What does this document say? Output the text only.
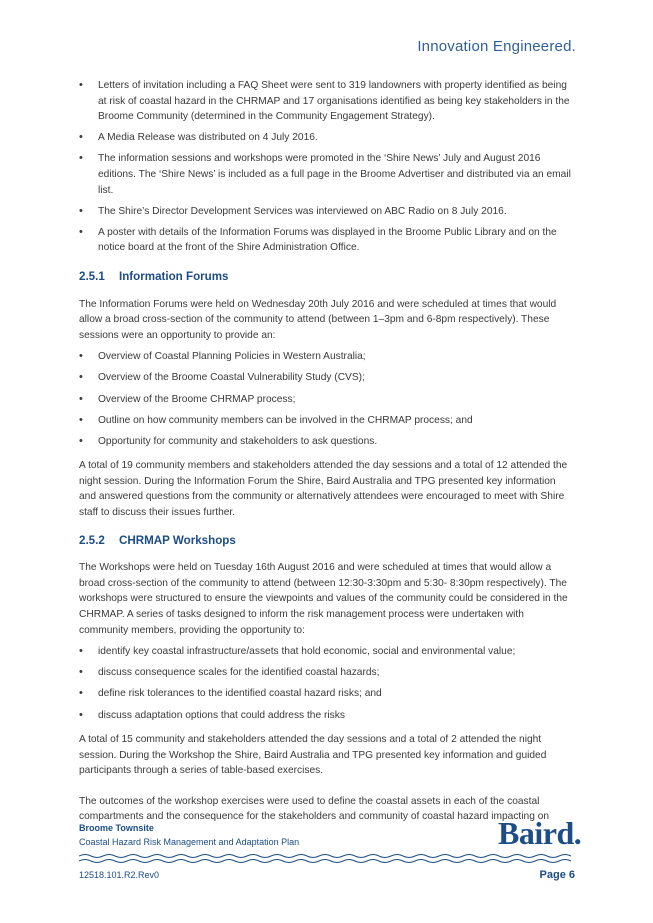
Innovation Engineered.
• Letters of invitation including a FAQ Sheet were sent to 319 landowners with property identified as being at risk of coastal hazard in the CHRMAP and 17 organisations identified as being key stakeholders in the Broome Community (determined in the Community Engagement Strategy).
• A Media Release was distributed on 4 July 2016.
• The information sessions and workshops were promoted in the ‘Shire News’ July and August 2016 editions. The ‘Shire News’ is included as a full page in the Broome Advertiser and distributed via an email list.
• The Shire’s Director Development Services was interviewed on ABC Radio on 8 July 2016.
• A poster with details of the Information Forums was displayed in the Broome Public Library and on the notice board at the front of the Shire Administration Office.
2.5.1	Information Forums

The Information Forums were held on Wednesday 20th July 2016 and were scheduled at times that would allow a broad cross-section of the community to attend (between 1–3pm and 6-8pm respectively). These sessions were an opportunity to provide an:

• Overview of Coastal Planning Policies in Western Australia;
• Overview of the Broome Coastal Vulnerability Study (CVS);
• Overview of the Broome CHRMAP process;
• Outline on how community members can be involved in the CHRMAP process; and
• Opportunity for community and stakeholders to ask questions.

A total of 19 community members and stakeholders attended the day sessions and a total of 12 attended the night session. During the Information Forum the Shire, Baird Australia and TPG presented key information and answered questions from the community or alternatively attendees were encouraged to meet with Shire staff to discuss their issues further.

2.5.2	CHRMAP Workshops

The Workshops were held on Tuesday 16th August 2016 and were scheduled at times that would allow a broad cross-section of the community to attend (between 12:30-3:30pm and 5:30- 8:30pm respectively). The workshops were structured to ensure the viewpoints and values of the community could be considered in the CHRMAP. A series of tasks designed to inform the risk management process were undertaken with community members, providing the opportunity to:

• identify key coastal infrastructure/assets that hold economic, social and environmental value;
• discuss consequence scales for the identified coastal hazards;
• define risk tolerances to the identified coastal hazard risks; and
• discuss adaptation options that could address the risks

A total of 15 community and stakeholders attended the day sessions and a total of 2 attended the night session. During the Workshop the Shire, Baird Australia and TPG presented key information and guided participants through a series of table-based exercises.

The outcomes of the workshop exercises were used to define the coastal assets in each of the coastal compartments and the consequence for the stakeholders and community of coastal hazard impacting on

Broome Townsite
Coastal Hazard Risk Management and Adaptation Plan	Baird.
12518.101.R2.Rev0	Page 6
